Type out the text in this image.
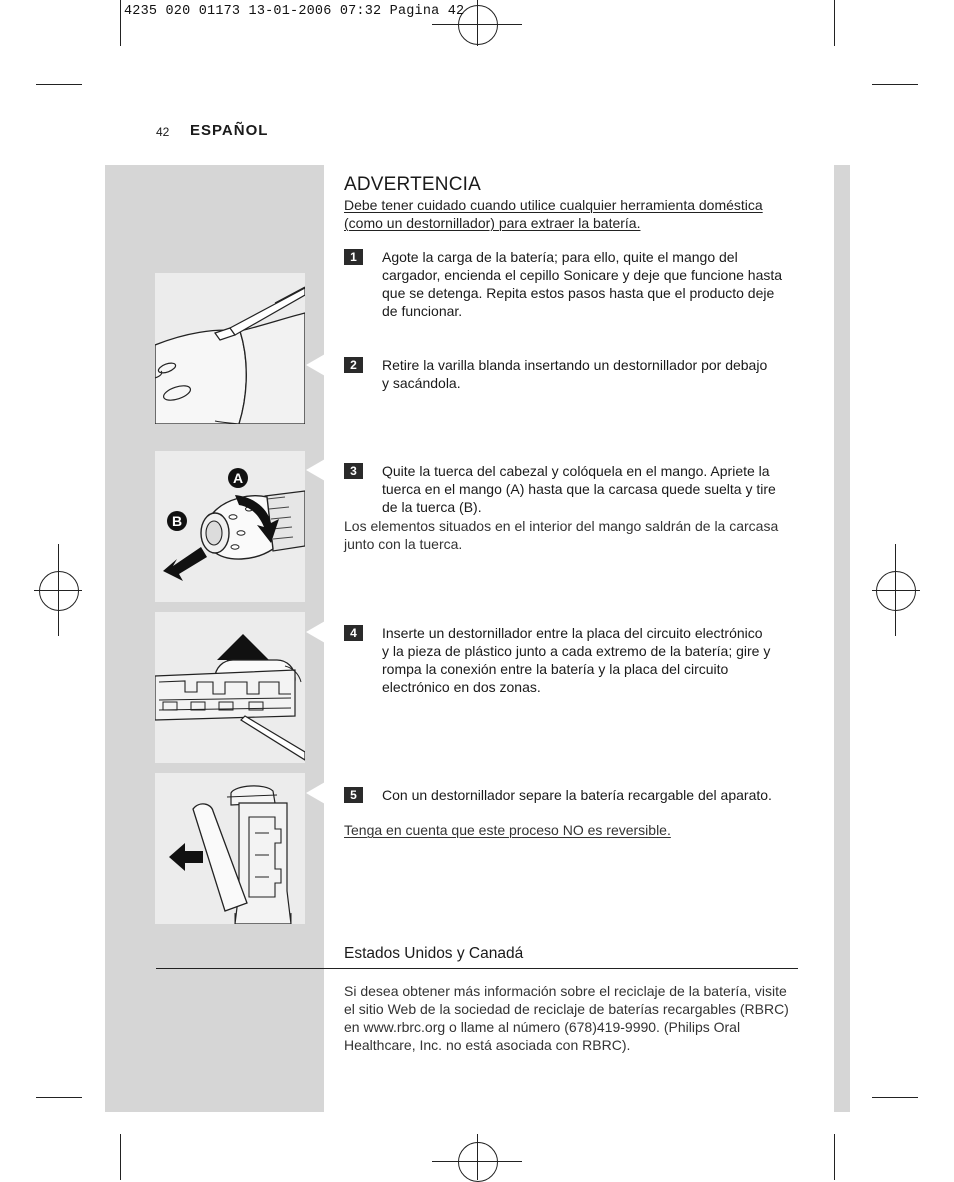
4235 020 01173 13-01-2006 07:32 Pagina 42
42 ESPAÑOL
A
B
ADVERTENCIA
Debe tener cuidado cuando utilice cualquier herramienta doméstica
(como un destornillador) para extraer la batería.
1	Agote la carga de la batería; para ello, quite el mango del
cargador, encienda el cepillo Sonicare y deje que funcione hasta
que se detenga. Repita estos pasos hasta que el producto deje
de funcionar.
2	Retire la varilla blanda insertando un destornillador por debajo
y sacándola.
3	Quite la tuerca del cabezal y colóquela en el mango. Apriete la
tuerca en el mango (A) hasta que la carcasa quede suelta y tire
de la tuerca (B).
Los elementos situados en el interior del mango saldrán de la carcasa
junto con la tuerca.
4	Inserte un destornillador entre la placa del circuito electrónico
y la pieza de plástico junto a cada extremo de la batería; gire y
rompa la conexión entre la batería y la placa del circuito
electrónico en dos zonas.
5	Con un destornillador separe la batería recargable del aparato.
Tenga en cuenta que este proceso NO es reversible.
Estados Unidos y Canadá
Si desea obtener más información sobre el reciclaje de la batería, visite
el sitio Web de la sociedad de reciclaje de baterías recargables (RBRC)
en www.rbrc.org o llame al número (678)419-9990. (Philips Oral
Healthcare, Inc. no está asociada con RBRC).
